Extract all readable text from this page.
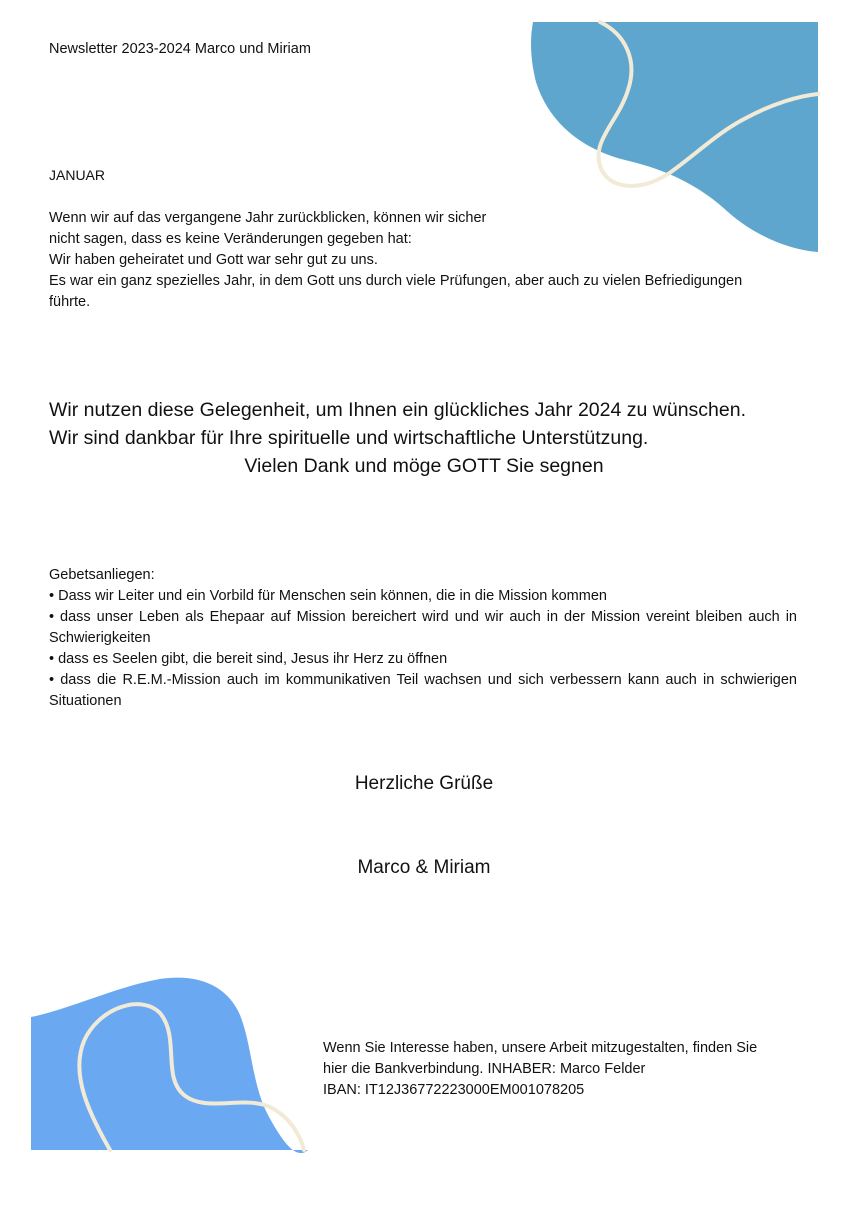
Newsletter 2023-2024 Marco und Miriam
JANUAR
Wenn wir auf das vergangene Jahr zurückblicken, können wir sicher
nicht sagen, dass es keine Veränderungen gegeben hat:
Wir haben geheiratet und Gott war sehr gut zu uns.
Es war ein ganz spezielles Jahr, in dem Gott uns durch viele Prüfungen, aber auch zu vielen Befriedigungen
führte.
Wir nutzen diese Gelegenheit, um Ihnen ein glückliches Jahr 2024 zu wünschen.
Wir sind dankbar für Ihre spirituelle und wirtschaftliche Unterstützung.
Vielen Dank und möge GOTT Sie segnen
Gebetsanliegen:
• Dass wir Leiter und ein Vorbild für Menschen sein können, die in die Mission kommen
• dass unser Leben als Ehepaar auf Mission bereichert wird und wir auch in der Mission vereint bleiben auch in Schwierigkeiten
• dass es Seelen gibt, die bereit sind, Jesus ihr Herz zu öffnen
• dass die R.E.M.-Mission auch im kommunikativen Teil wachsen und sich verbessern kann auch in schwierigen Situationen
Herzliche Grüße
Marco & Miriam
Wenn Sie Interesse haben, unsere Arbeit mitzugestalten, finden Sie
hier die Bankverbindung. INHABER: Marco Felder
IBAN: IT12J36772223000EM001078205
